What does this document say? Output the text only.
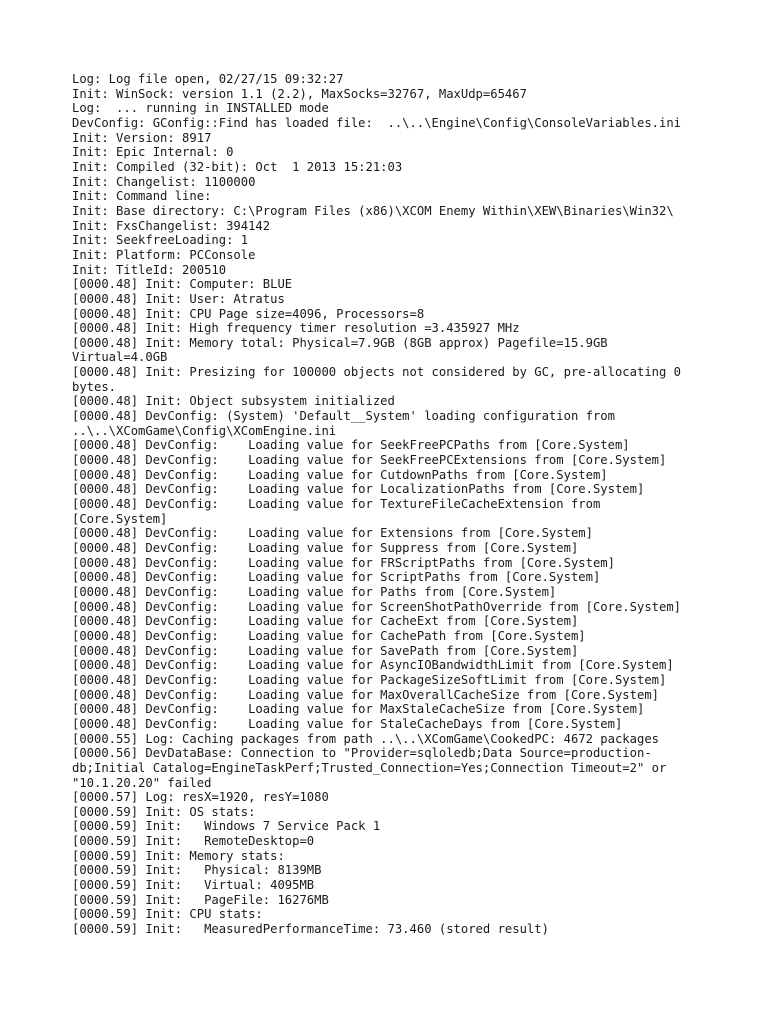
Log: Log file open, 02/27/15 09:32:27
Init: WinSock: version 1.1 (2.2), MaxSocks=32767, MaxUdp=65467
Log:  ... running in INSTALLED mode
DevConfig: GConfig::Find has loaded file:  ..\..\Engine\Config\ConsoleVariables.ini
Init: Version: 8917
Init: Epic Internal: 0
Init: Compiled (32-bit): Oct  1 2013 15:21:03
Init: Changelist: 1100000
Init: Command line:
Init: Base directory: C:\Program Files (x86)\XCOM Enemy Within\XEW\Binaries\Win32\
Init: FxsChangelist: 394142
Init: SeekfreeLoading: 1
Init: Platform: PCConsole
Init: TitleId: 200510
[0000.48] Init: Computer: BLUE
[0000.48] Init: User: Atratus
[0000.48] Init: CPU Page size=4096, Processors=8
[0000.48] Init: High frequency timer resolution =3.435927 MHz
[0000.48] Init: Memory total: Physical=7.9GB (8GB approx) Pagefile=15.9GB
Virtual=4.0GB
[0000.48] Init: Presizing for 100000 objects not considered by GC, pre-allocating 0
bytes.
[0000.48] Init: Object subsystem initialized
[0000.48] DevConfig: (System) 'Default__System' loading configuration from
..\..\XComGame\Config\XComEngine.ini
[0000.48] DevConfig:    Loading value for SeekFreePCPaths from [Core.System]
[0000.48] DevConfig:    Loading value for SeekFreePCExtensions from [Core.System]
[0000.48] DevConfig:    Loading value for CutdownPaths from [Core.System]
[0000.48] DevConfig:    Loading value for LocalizationPaths from [Core.System]
[0000.48] DevConfig:    Loading value for TextureFileCacheExtension from
[Core.System]
[0000.48] DevConfig:    Loading value for Extensions from [Core.System]
[0000.48] DevConfig:    Loading value for Suppress from [Core.System]
[0000.48] DevConfig:    Loading value for FRScriptPaths from [Core.System]
[0000.48] DevConfig:    Loading value for ScriptPaths from [Core.System]
[0000.48] DevConfig:    Loading value for Paths from [Core.System]
[0000.48] DevConfig:    Loading value for ScreenShotPathOverride from [Core.System]
[0000.48] DevConfig:    Loading value for CacheExt from [Core.System]
[0000.48] DevConfig:    Loading value for CachePath from [Core.System]
[0000.48] DevConfig:    Loading value for SavePath from [Core.System]
[0000.48] DevConfig:    Loading value for AsyncIOBandwidthLimit from [Core.System]
[0000.48] DevConfig:    Loading value for PackageSizeSoftLimit from [Core.System]
[0000.48] DevConfig:    Loading value for MaxOverallCacheSize from [Core.System]
[0000.48] DevConfig:    Loading value for MaxStaleCacheSize from [Core.System]
[0000.48] DevConfig:    Loading value for StaleCacheDays from [Core.System]
[0000.55] Log: Caching packages from path ..\..\XComGame\CookedPC: 4672 packages
[0000.56] DevDataBase: Connection to "Provider=sqloledb;Data Source=production-
db;Initial Catalog=EngineTaskPerf;Trusted_Connection=Yes;Connection Timeout=2" or
"10.1.20.20" failed
[0000.57] Log: resX=1920, resY=1080
[0000.59] Init: OS stats:
[0000.59] Init:   Windows 7 Service Pack 1
[0000.59] Init:   RemoteDesktop=0
[0000.59] Init: Memory stats:
[0000.59] Init:   Physical: 8139MB
[0000.59] Init:   Virtual: 4095MB
[0000.59] Init:   PageFile: 16276MB
[0000.59] Init: CPU stats:
[0000.59] Init:   MeasuredPerformanceTime: 73.460 (stored result)
